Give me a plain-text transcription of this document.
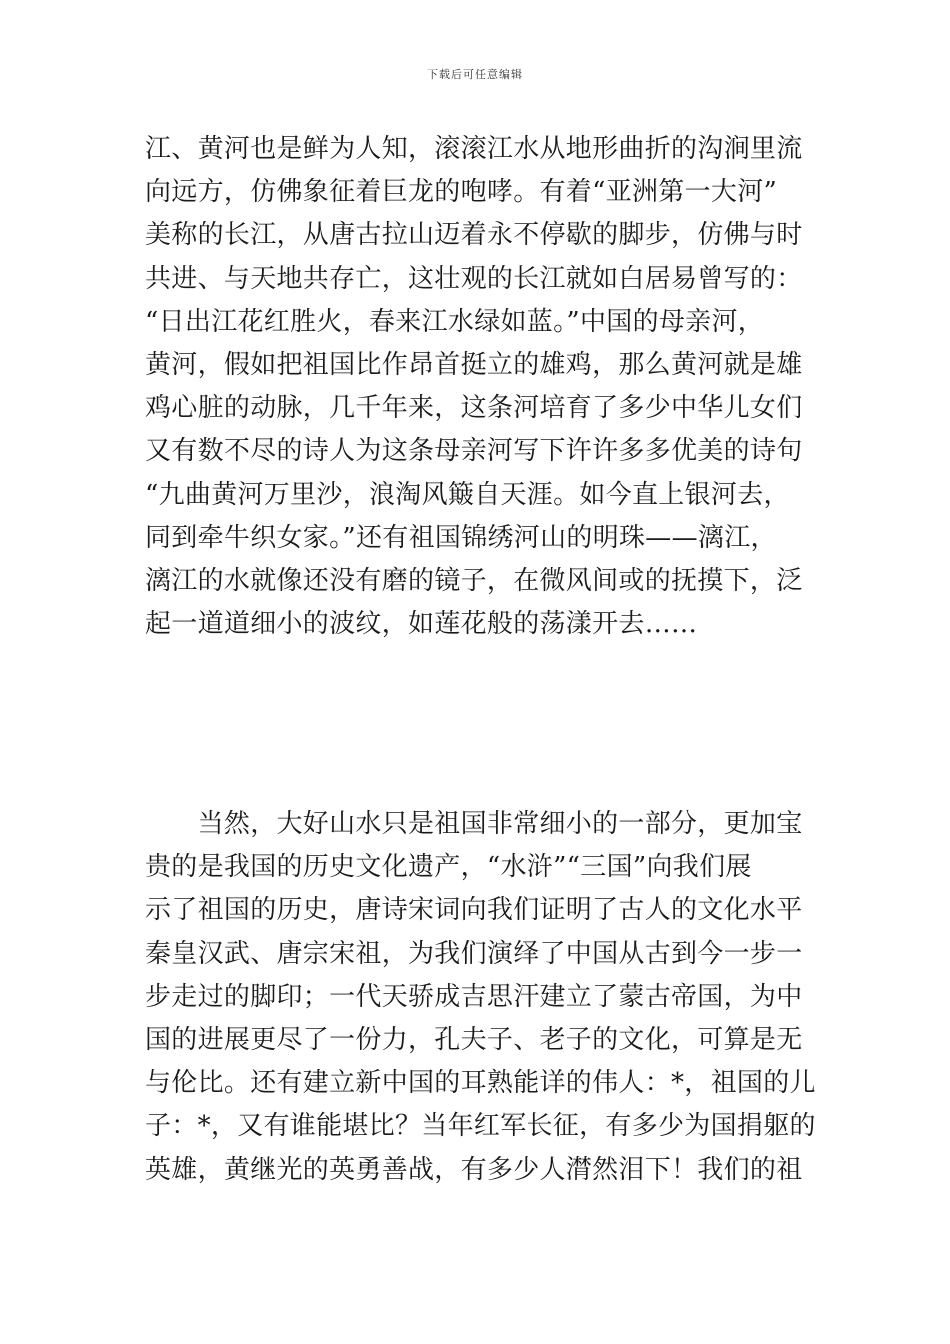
下载后可任意编辑
江、黄河也是鲜为人知，滚滚江水从地形曲折的沟涧里流
向远方，仿佛象征着巨龙的咆哮。有着“亚洲第一大河”
美称的长江，从唐古拉山迈着永不停歇的脚步，仿佛与时
共进、与天地共存亡，这壮观的长江就如白居易曾写的：
“日出江花红胜火，春来江水绿如蓝。”中国的母亲河，
黄河，假如把祖国比作昂首挺立的雄鸡，那么黄河就是雄
鸡心脏的动脉，几千年来，这条河培育了多少中华儿女们
又有数不尽的诗人为这条母亲河写下许许多多优美的诗句
“九曲黄河万里沙，浪淘风簸自天涯。如今直上银河去，
同到牵牛织女家。”还有祖国锦绣河山的明珠——漓江，
漓江的水就像还没有磨的镜子，在微风间或的抚摸下，泛
起一道道细小的波纹，如莲花般的荡漾开去……
　　当然，大好山水只是祖国非常细小的一部分，更加宝
贵的是我国的历史文化遗产，“水浒”“三国”向我们展
示了祖国的历史，唐诗宋词向我们证明了古人的文化水平
秦皇汉武、唐宗宋祖，为我们演绎了中国从古到今一步一
步走过的脚印；一代天骄成吉思汗建立了蒙古帝国，为中
国的进展更尽了一份力，孔夫子、老子的文化，可算是无
与伦比。还有建立新中国的耳熟能详的伟人：*，祖国的儿
子：*，又有谁能堪比？当年红军长征，有多少为国捐躯的
英雄，黄继光的英勇善战，有多少人潸然泪下！我们的祖
